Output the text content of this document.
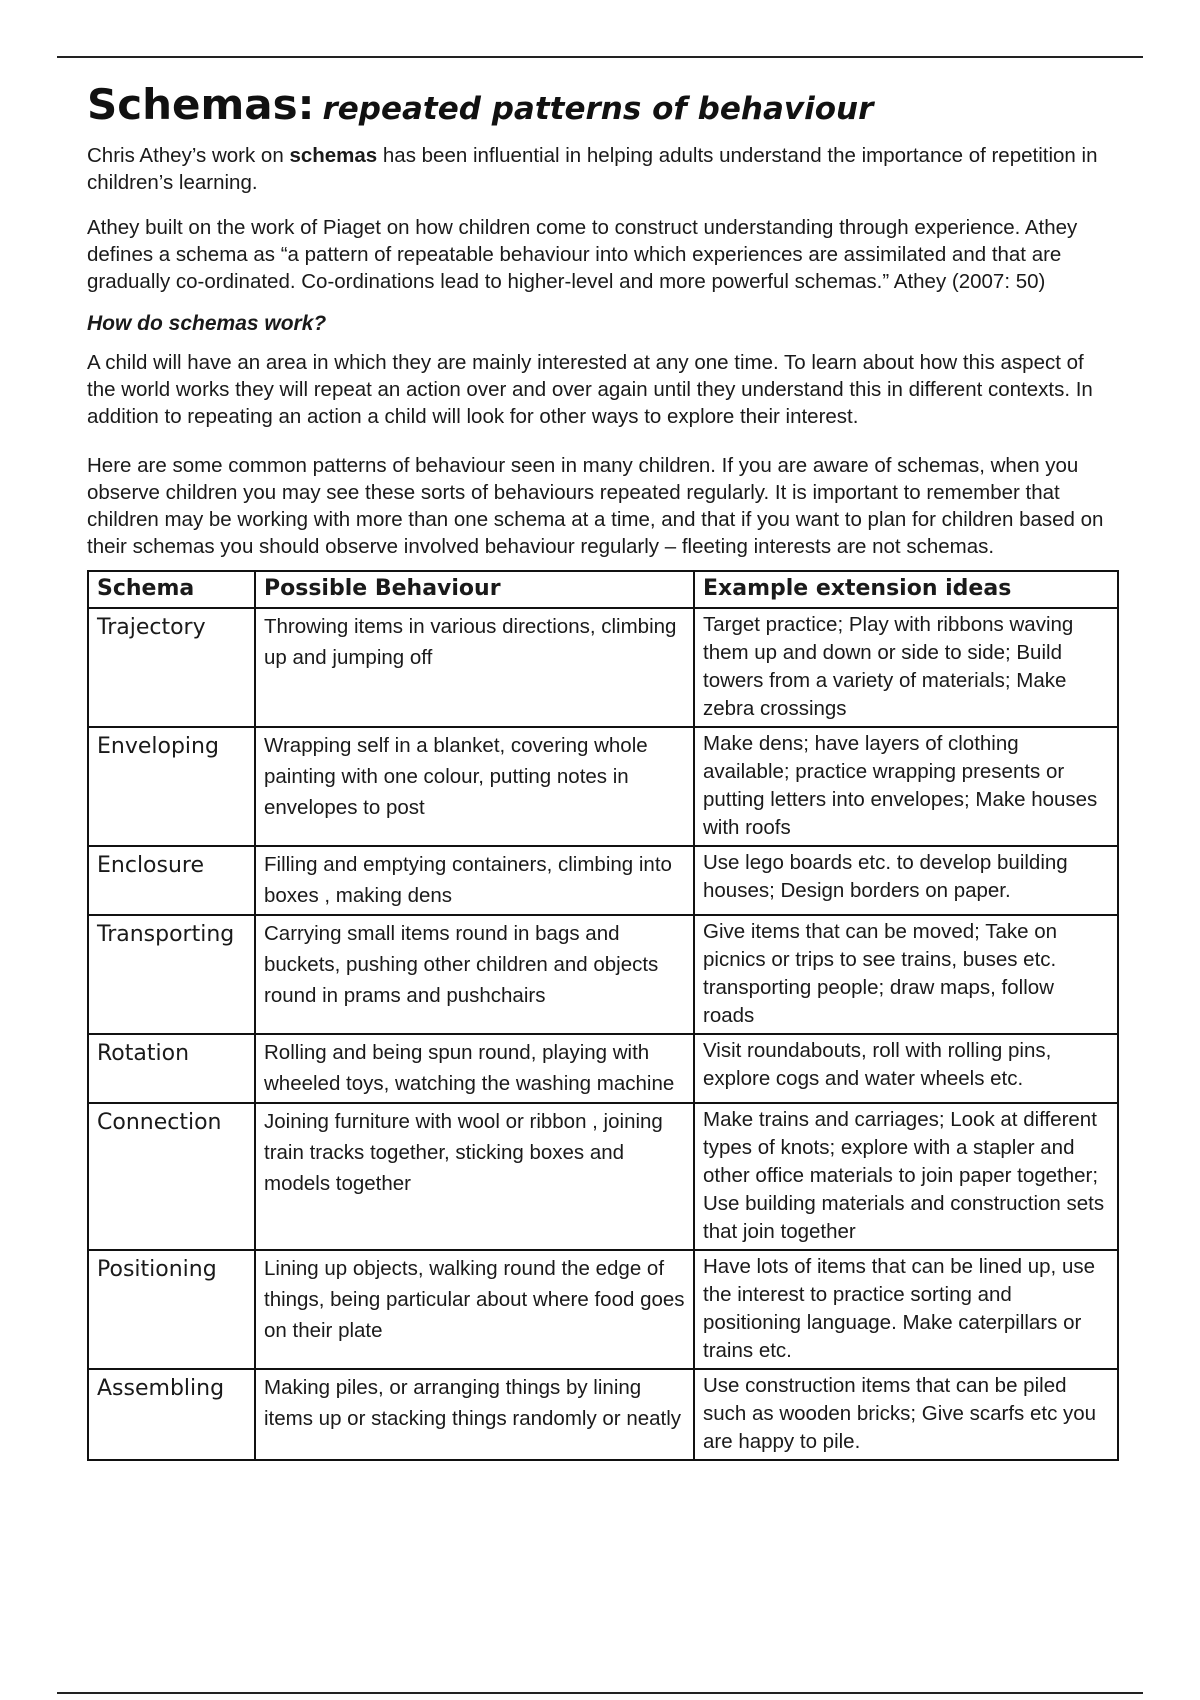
Schemas: repeated patterns of behaviour

Chris Athey’s work on schemas has been influential in helping adults understand the importance of repetition in children’s learning.

Athey built on the work of Piaget on how children come to construct understanding through experience. Athey defines a schema as “a pattern of repeatable behaviour into which experiences are assimilated and that are gradually co-ordinated. Co-ordinations lead to higher-level and more powerful schemas.” Athey (2007: 50)

How do schemas work?

A child will have an area in which they are mainly interested at any one time. To learn about how this aspect of the world works they will repeat an action over and over again until they understand this in different contexts. In addition to repeating an action a child will look for other ways to explore their interest.

Here are some common patterns of behaviour seen in many children. If you are aware of schemas, when you observe children you may see these sorts of behaviours repeated regularly. It is important to remember that children may be working with more than one schema at a time, and that if you want to plan for children based on their schemas you should observe involved behaviour regularly – fleeting interests are not schemas.

Schema	Possible Behaviour	Example extension ideas
Trajectory	Throwing items in various directions, climbing up and jumping off	Target practice; Play with ribbons waving them up and down or side to side; Build towers from a variety of materials; Make zebra crossings
Enveloping	Wrapping self in a blanket, covering whole painting with one colour, putting notes in envelopes to post	Make dens; have layers of clothing available; practice wrapping presents or putting letters into envelopes; Make houses with roofs
Enclosure	Filling and emptying containers, climbing into boxes , making dens	Use lego boards etc. to develop building houses; Design borders on paper.
Transporting	Carrying small items round in bags and buckets, pushing other children and objects round in prams and pushchairs	Give items that can be moved; Take on picnics or trips to see trains, buses etc. transporting people; draw maps, follow roads
Rotation	Rolling and being spun round, playing with wheeled toys, watching the washing machine	Visit roundabouts, roll with rolling pins, explore cogs and water wheels etc.
Connection	Joining furniture with wool or ribbon , joining train tracks together, sticking boxes and models together	Make trains and carriages; Look at different types of knots; explore with a stapler and other office materials to join paper together; Use building materials and construction sets that join together
Positioning	Lining up objects, walking round the edge of things, being particular about where food goes on their plate	Have lots of items that can be lined up, use the interest to practice sorting and positioning language. Make caterpillars or trains etc.
Assembling	Making piles, or arranging things by lining items up or stacking things randomly or neatly	Use construction items that can be piled such as wooden bricks; Give scarfs etc you are happy to pile.
